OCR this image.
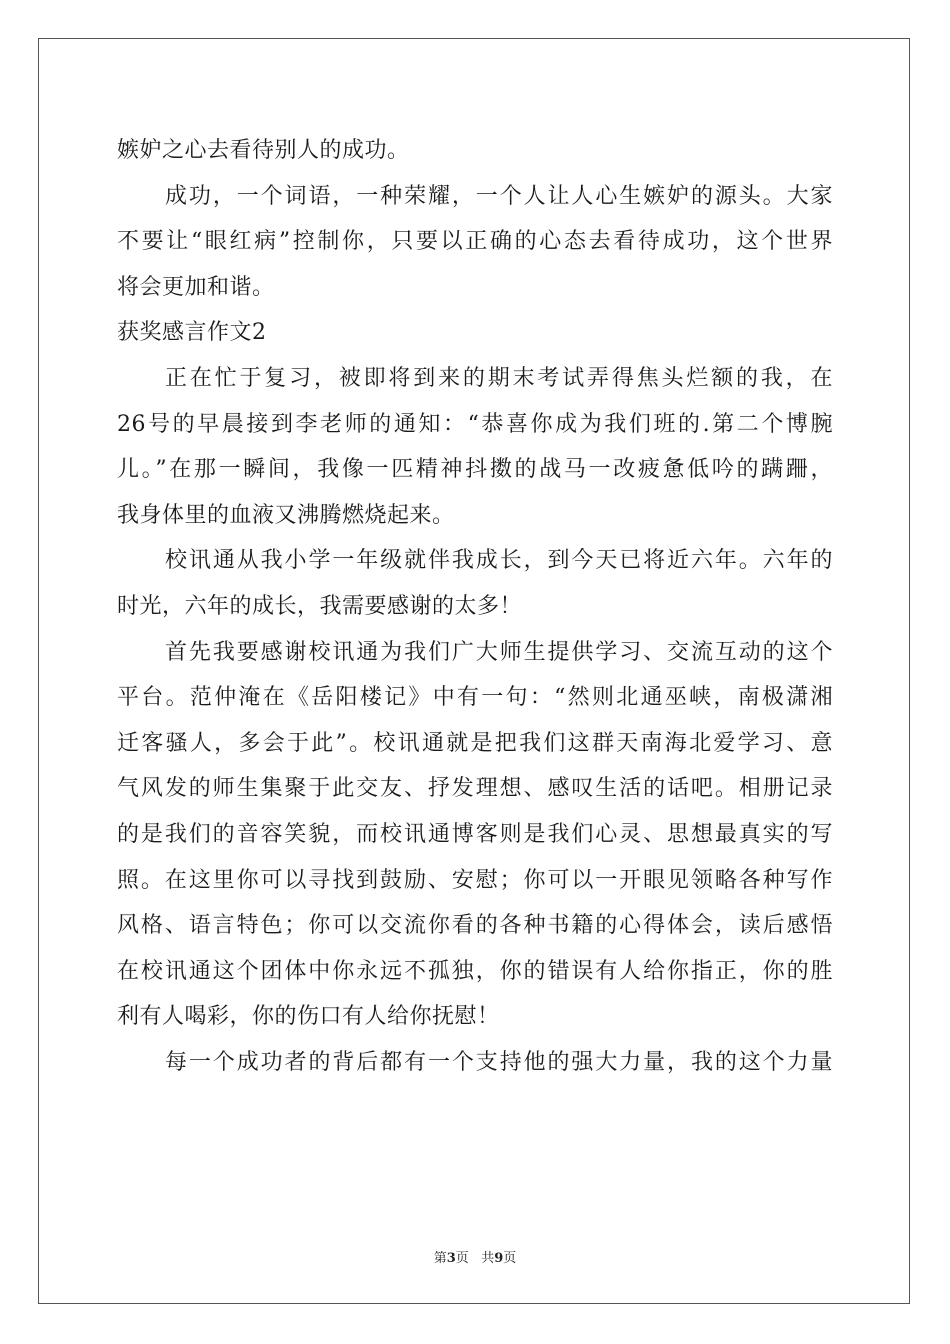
嫉妒之心去看待别人的成功。
成功，一个词语，一种荣耀，一个人让人心生嫉妒的源头。大家
不要让“眼红病”控制你，只要以正确的心态去看待成功，这个世界
将会更加和谐。
获奖感言作文2
正在忙于复习，被即将到来的期末考试弄得焦头烂额的我，在
26号的早晨接到李老师的通知：“恭喜你成为我们班的.第二个博腕
儿。”在那一瞬间，我像一匹精神抖擞的战马一改疲惫低吟的蹒跚，
我身体里的血液又沸腾燃烧起来。
校讯通从我小学一年级就伴我成长，到今天已将近六年。六年的
时光，六年的成长，我需要感谢的太多！
首先我要感谢校讯通为我们广大师生提供学习、交流互动的这个
平台。范仲淹在《岳阳楼记》中有一句：“然则北通巫峡，南极潇湘
迁客骚人，多会于此”。校讯通就是把我们这群天南海北爱学习、意
气风发的师生集聚于此交友、抒发理想、感叹生活的话吧。相册记录
的是我们的音容笑貌，而校讯通博客则是我们心灵、思想最真实的写
照。在这里你可以寻找到鼓励、安慰；你可以一开眼见领略各种写作
风格、语言特色；你可以交流你看的各种书籍的心得体会，读后感悟
在校讯通这个团体中你永远不孤独，你的错误有人给你指正，你的胜
利有人喝彩，你的伤口有人给你抚慰！
每一个成功者的背后都有一个支持他的强大力量，我的这个力量
第3页 共9页
